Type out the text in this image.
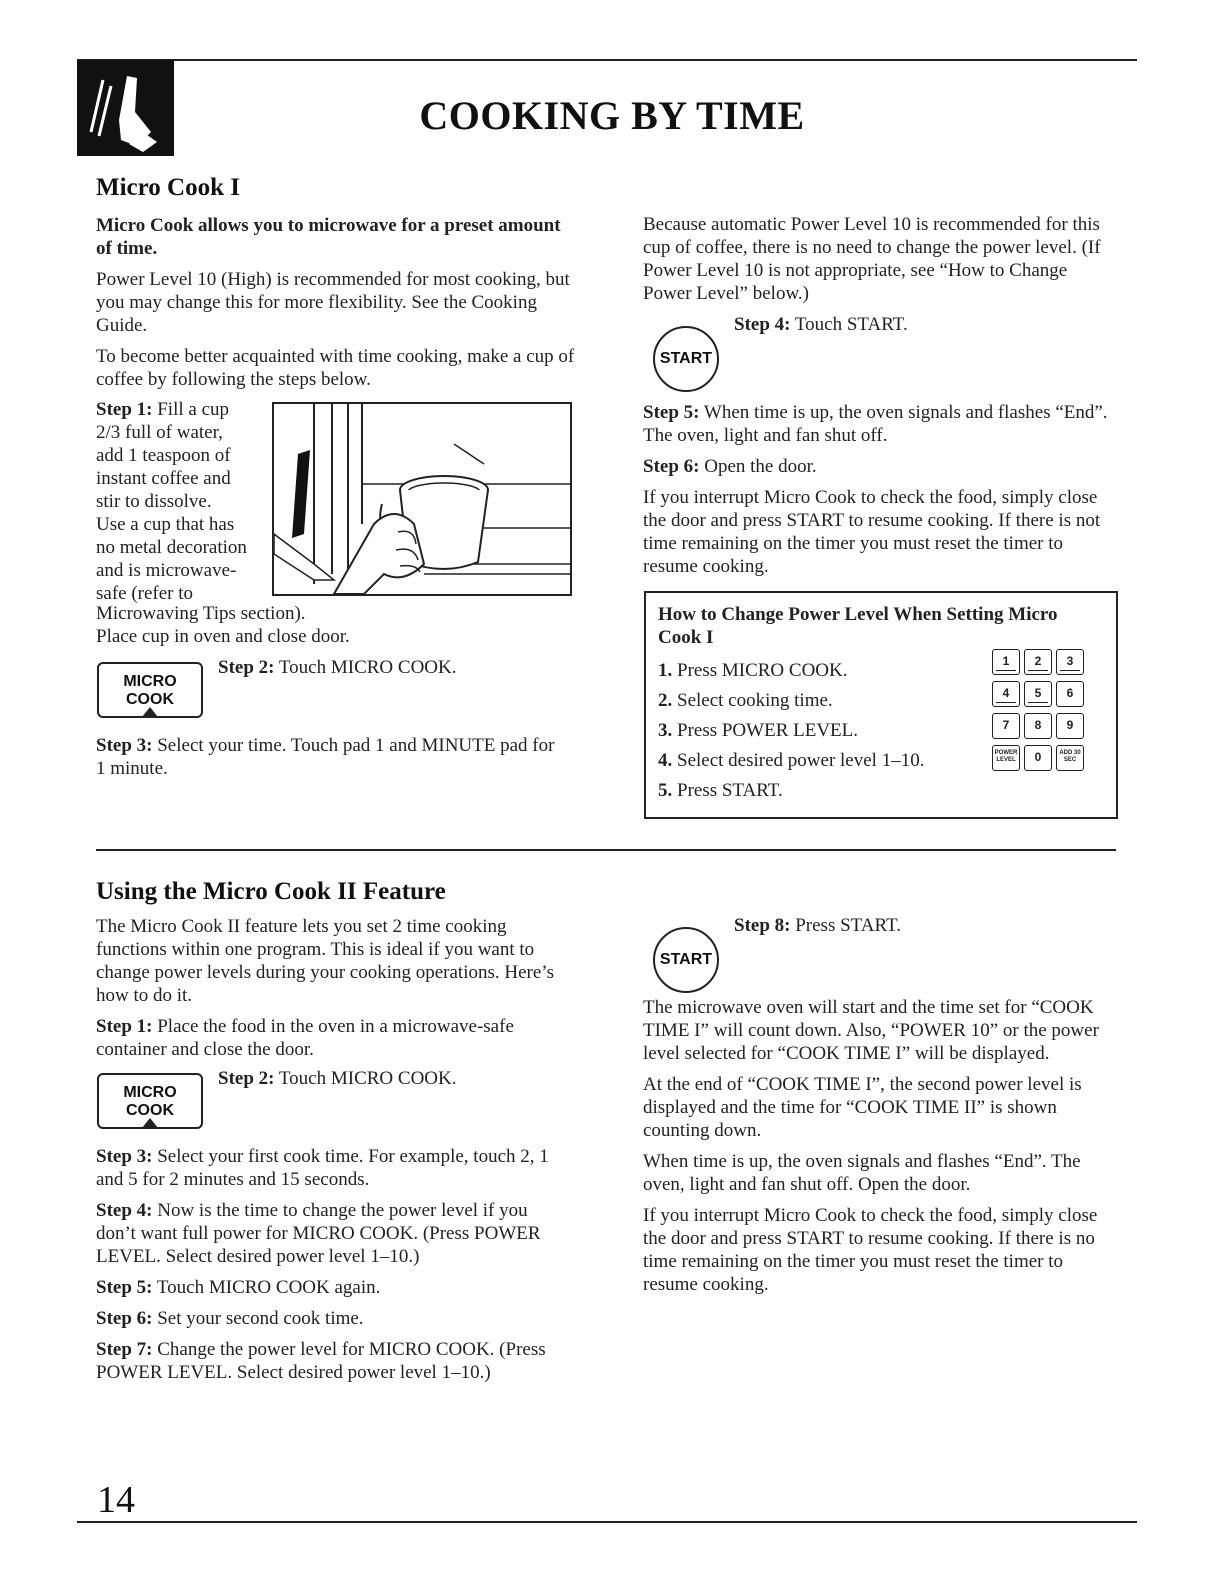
COOKING BY TIME
Micro Cook I

Micro Cook allows you to microwave for a preset amount of time.

Power Level 10 (High) is recommended for most cooking, but you may change this for more flexibility. See the Cooking Guide.

To become better acquainted with time cooking, make a cup of coffee by following the steps below.

Step 1: Fill a cup
2/3 full of water,
add 1 teaspoon of
instant coffee and
stir to dissolve.
Use a cup that has
no metal decoration
and is microwave-
safe (refer to
Microwaving Tips section).
Place cup in oven and close door.
MICRO
COOK
Step 2: Touch MICRO COOK.
Step 3: Select your time. Touch pad 1 and MINUTE pad for 1 minute.

Because automatic Power Level 10 is recommended for this cup of coffee, there is no need to change the power level. (If Power Level 10 is not appropriate, see “How to Change Power Level” below.)

START
Step 4: Touch START.

Step 5: When time is up, the oven signals and flashes “End”. The oven, light and fan shut off.

Step 6: Open the door.

If you interrupt Micro Cook to check the food, simply close the door and press START to resume cooking. If there is not time remaining on the timer you must reset the timer to resume cooking.

How to Change Power Level When Setting Micro Cook I

1. Press MICRO COOK.
2. Select cooking time.
3. Press POWER LEVEL.
4. Select desired power level 1–10.
5. Press START.
1	2	3
4	5	6
7	8	9
POWER LEVEL	0	ADD 30 SEC
Using the Micro Cook II Feature

The Micro Cook II feature lets you set 2 time cooking functions within one program. This is ideal if you want to change power levels during your cooking operations. Here’s how to do it.

Step 1: Place the food in the oven in a microwave-safe container and close the door.

MICRO
COOK
Step 2: Touch MICRO COOK.

Step 3: Select your first cook time. For example, touch 2, 1 and 5 for 2 minutes and 15 seconds.

Step 4: Now is the time to change the power level if you don’t want full power for MICRO COOK. (Press POWER LEVEL. Select desired power level 1–10.)

Step 5: Touch MICRO COOK again.

Step 6: Set your second cook time.

Step 7: Change the power level for MICRO COOK. (Press POWER LEVEL. Select desired power level 1–10.)

START
Step 8: Press START.

The microwave oven will start and the time set for “COOK TIME I” will count down. Also, “POWER 10” or the power level selected for “COOK TIME I” will be displayed.

At the end of “COOK TIME I”, the second power level is displayed and the time for “COOK TIME II” is shown counting down.

When time is up, the oven signals and flashes “End”. The oven, light and fan shut off. Open the door.

If you interrupt Micro Cook to check the food, simply close the door and press START to resume cooking. If there is no time remaining on the timer you must reset the timer to resume cooking.

14
